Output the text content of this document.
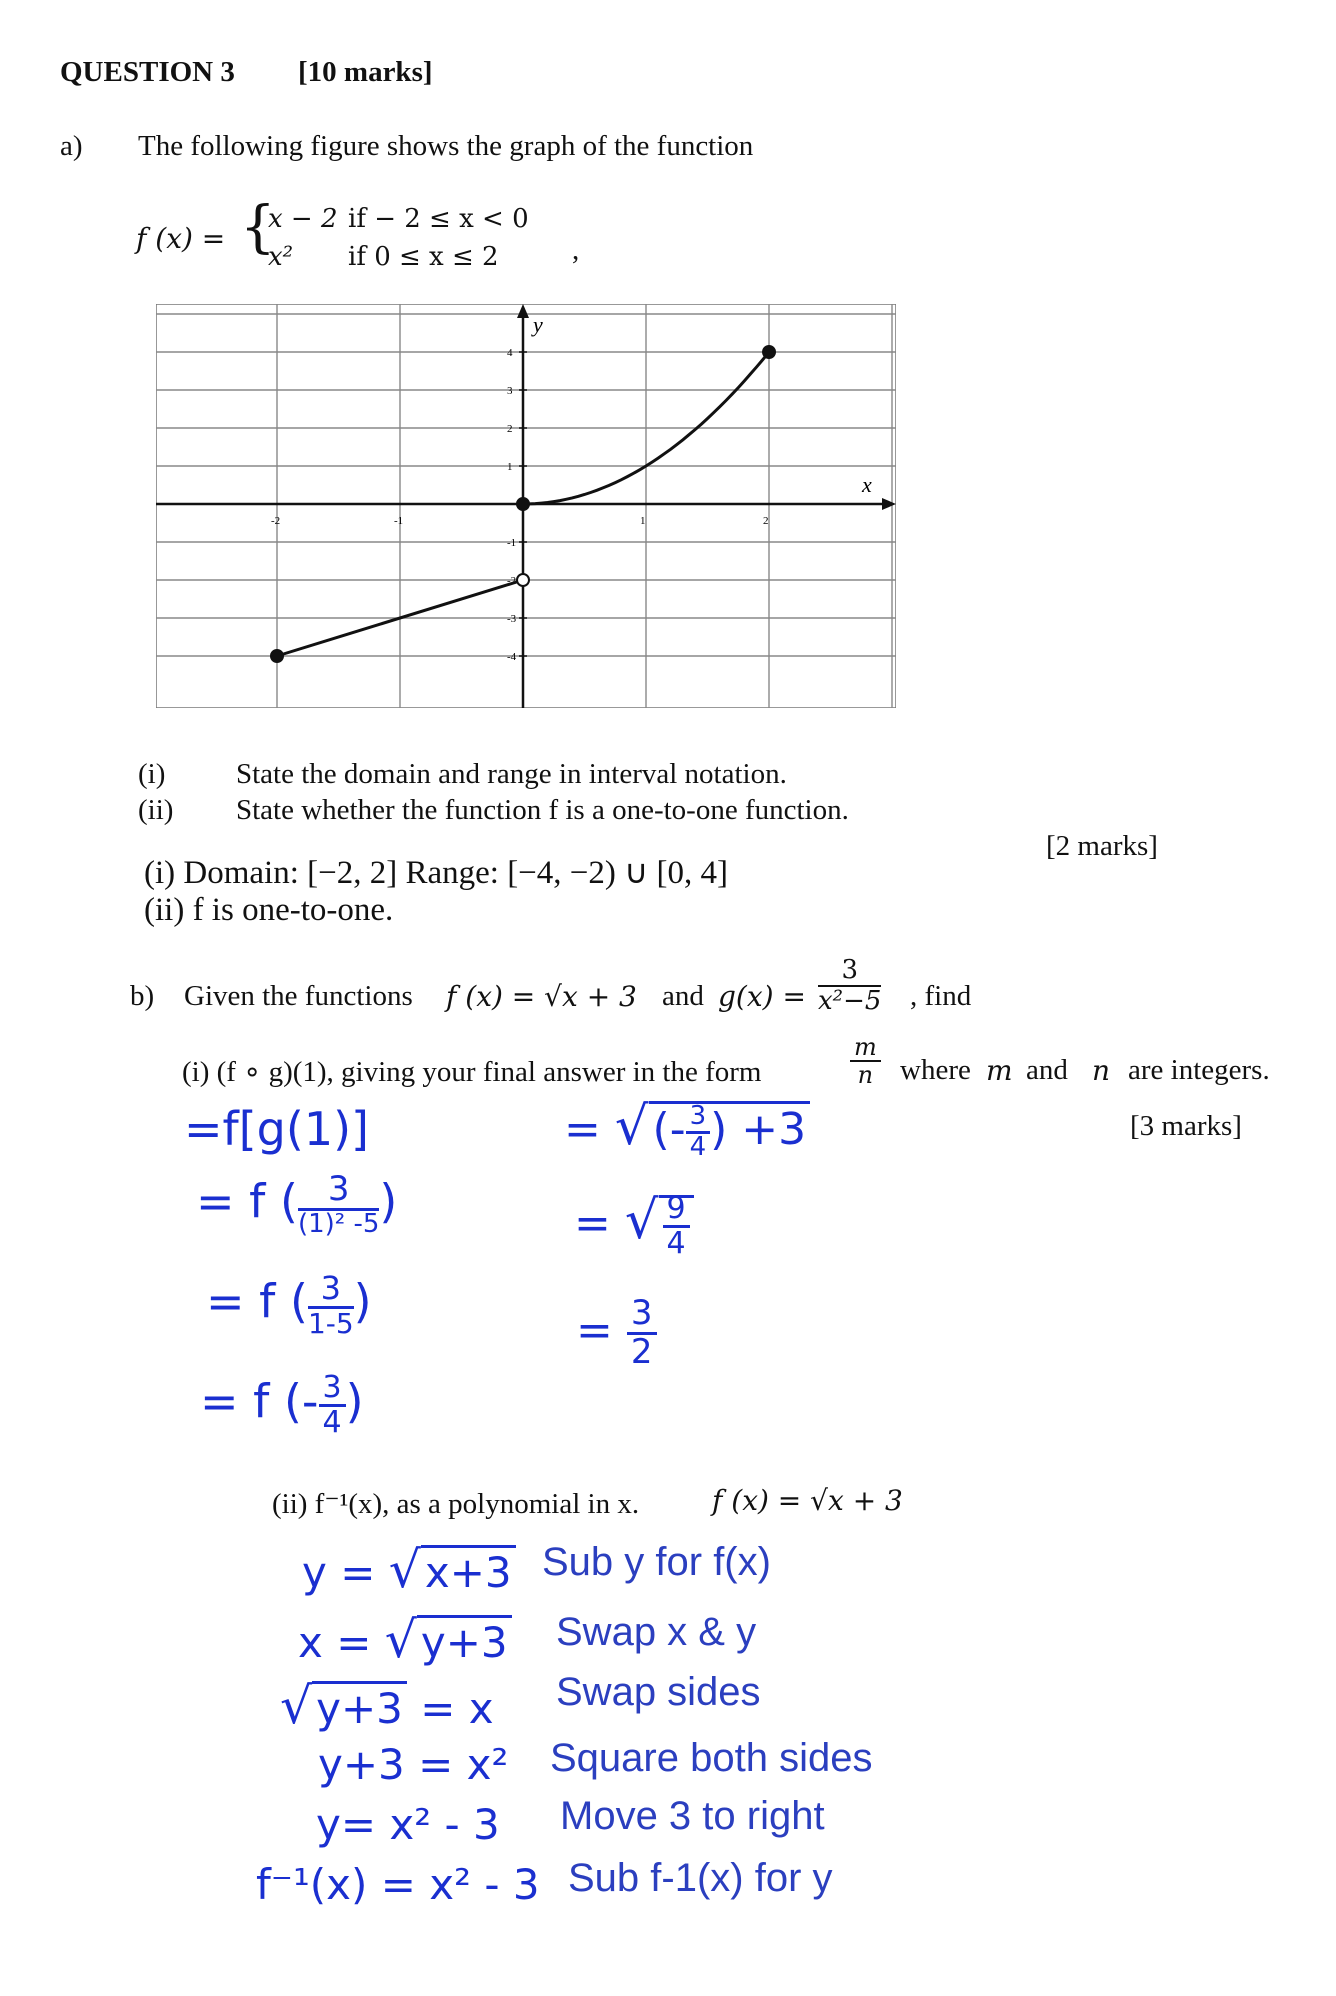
QUESTION 3 [10 marks]
a) The following figure shows the graph of the function
f (x) = {
x − 2 if − 2 ≤ x < 0
x² if 0 ≤ x ≤ 2	,
x
y
-2	-1	1	2
4
3
2
1
-1
-2
-3
-4
(i) State the domain and range in interval notation.
(ii) State whether the function f is a one-to-one function.
[2 marks]
(i) Domain: [−2, 2] Range: [−4, −2) ∪ [0, 4]
(ii) f is one-to-one.
b) Given the functions f (x) = √x + 3 and $g(x) = \frac{3}{\text{x²−5}}$ , find
(i) (f ∘ g)(1), giving your final answer in the form	$\frac{m}{n}$ where m and n are integers.
[3 marks]
=f[g(1)]
= f ( 3
(1)² -5 )
= f ( $\frac{3}{1-5}$ )
= f (- $\frac{3}{4}$ )
= √(- $\frac{3}{4}$ ) +3
= √ $\frac{9}{4}$
= $\frac{3}{2}$
(ii) f⁻¹(x), as a polynomial in x.	f (x) = √x + 3
y = √x+3 Sub y for f(x)
x = √y+3 Swap x & y
√y+3 = x Swap sides
y+3 = x² Square both sides
y= x² - 3 Move 3 to right
f⁻¹(x) = x² - 3 Sub f-1(x) for y
